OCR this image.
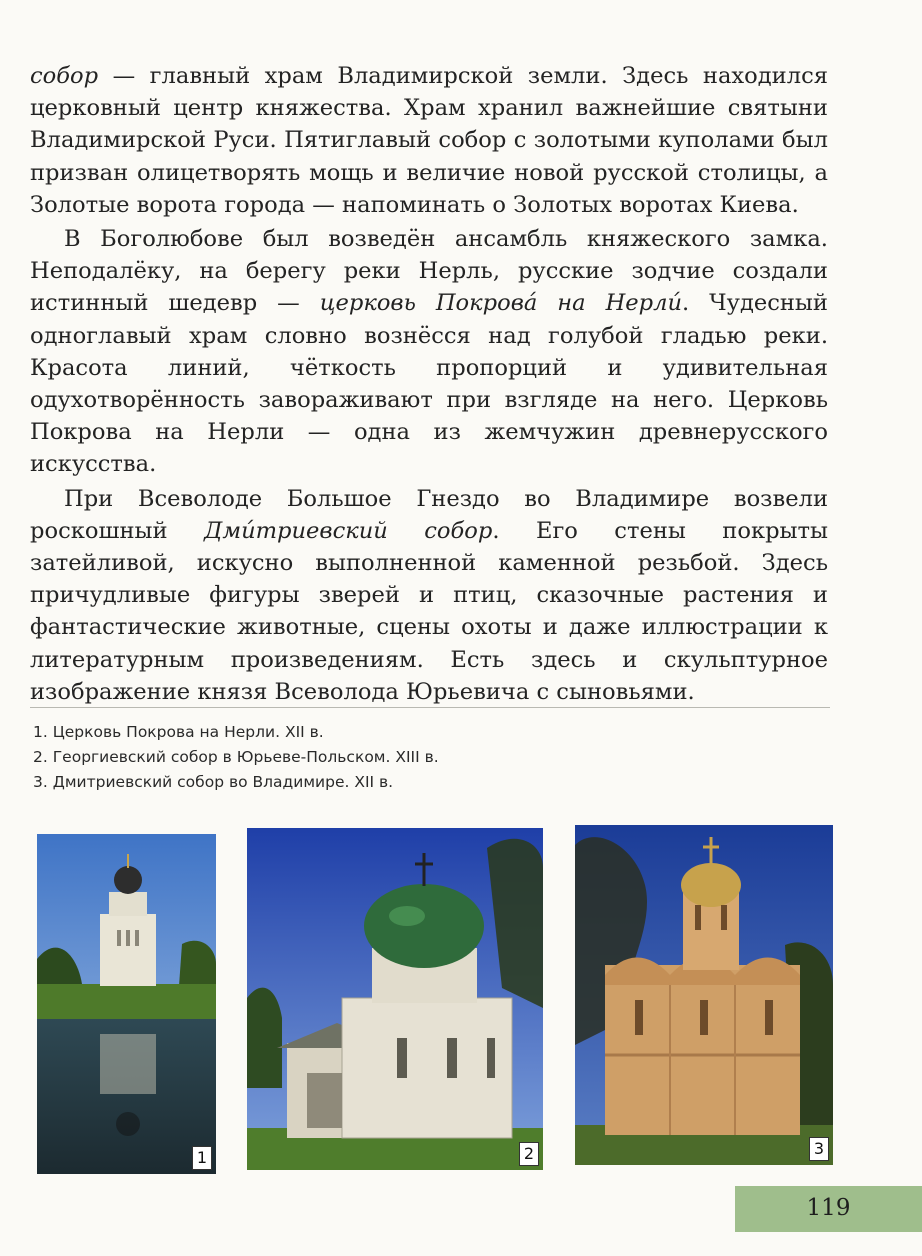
собор — главный храм Владимирской земли. Здесь находился церковный центр княжества. Храм хранил важнейшие святыни Владимирской Руси. Пятиглавый собор с золотыми куполами был призван олицетворять мощь и величие новой русской столицы, а Золотые ворота города — напоминать о Золотых воротах Киева.

В Боголюбове был возведён ансамбль княжеского замка. Неподалёку, на берегу реки Нерль, русские зодчие создали истинный шедевр — церковь Покрова́ на Нерли́. Чудесный одноглавый храм словно вознёсся над голубой гладью реки. Красота линий, чёткость пропорций и удивительная одухотворённость завораживают при взгляде на него. Церковь Покрова на Нерли — одна из жемчужин древнерусского искусства.

При Всеволоде Большое Гнездо во Владимире возвели роскошный Дми́триевский собор. Его стены покрыты затейливой, искусно выполненной каменной резьбой. Здесь причудливые фигуры зверей и птиц, сказочные растения и фантастические животные, сцены охоты и даже иллюстрации к литературным произведениям. Есть здесь и скульптурное изображение князя Всеволода Юрьевича с сыновьями.

1. Церковь Покрова на Нерли. XII в.
2. Георгиевский собор в Юрьеве-Польском. XIII в.
3. Дмитриевский собор во Владимире. XII в.
1	2	3
119
